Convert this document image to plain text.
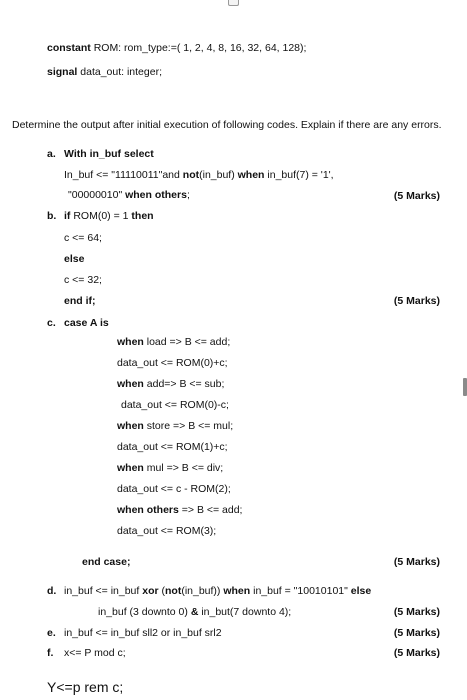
constant ROM: rom_type:=( 1, 2, 4, 8, 16, 32, 64, 128);
signal data_out: integer;
Determine the output after initial execution of following codes. Explain if there are any errors.
a. With in_buf select
In_buf <= "11110011"and not(in_buf) when in_buf(7) = '1',
"00000010" when others;	(5 Marks)
b. if ROM(0) = 1 then
c <= 64;
else
c <= 32;
end if;	(5 Marks)
c. case A is
when load => B <= add;
data_out <= ROM(0)+c;
when add=> B <= sub;
data_out <= ROM(0)-c;
when store => B <= mul;
data_out <= ROM(1)+c;
when mul => B <= div;
data_out <= c - ROM(2);
when others => B <= add;
data_out <= ROM(3);
end case;	(5 Marks)
d. in_buf <= in_buf xor (not(in_buf)) when in_buf = "10010101" else
in_buf (3 downto 0) & in_but(7 downto 4);	(5 Marks)
e. in_buf <= in_buf sll2 or in_buf srl2	(5 Marks)
f. x<= P mod c;	(5 Marks)
Y<=p rem c;
